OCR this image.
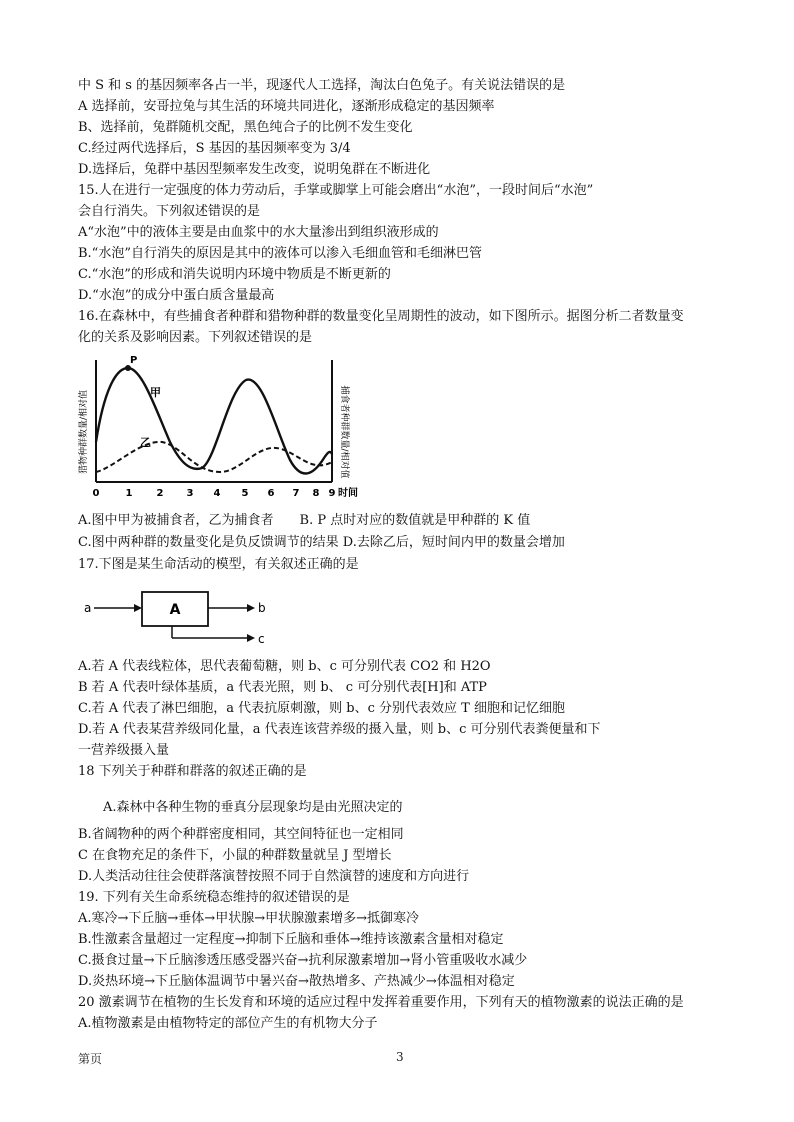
中 S 和 s 的基因频率各占一半，现逐代人工选择，淘汰白色兔子。有关说法错误的是
A 选择前，安哥拉兔与其生活的环境共同进化，逐渐形成稳定的基因频率
B、选择前，兔群随机交配，黑色纯合子的比例不发生变化
C.经过两代选择后，S 基因的基因频率变为 3/4
D.选择后，兔群中基因型频率发生改变，说明兔群在不断进化
15.人在进行一定强度的体力劳动后，手掌或脚掌上可能会磨出“水泡”，一段时间后“水泡”
会自行消失。下列叙述错误的是
A“水泡”中的液体主要是由血浆中的水大量渗出到组织液形成的
B.“水泡”自行消失的原因是其中的液体可以渗入毛细血管和毛细淋巴管
C.“水泡”的形成和消失说明内环境中物质是不断更新的
D.“水泡”的成分中蛋白质含量最高
16.在森林中，有些捕食者种群和猎物种群的数量变化呈周期性的波动，如下图所示。据图分析二者数量变
化的关系及影响因素。下列叙述错误的是
猎物种群数量/相对值	捕食者种群数量/相对值
P
甲
乙
0	1 2 3 4 5 6 7 8 9 时间
A.图中甲为被捕食者，乙为捕食者　　B. P 点时对应的数值就是甲种群的 K 值
C.图中两种群的数量变化是负反馈调节的结果 D.去除乙后，短时间内甲的数量会增加
17.下图是某生命活动的模型，有关叙述正确的是
a	A	b
c
A.若 A 代表线粒体，思代表葡萄糖，则 b、c 可分别代表 CO2 和 H2O
B 若 A 代表叶绿体基质，a 代表光照，则 b、 c 可分别代表[H]和 ATP
C.若 A 代表了淋巴细胞，a 代表抗原刺激，则 b、c 分别代表效应 T 细胞和记忆细胞
D.若 A 代表某营养级同化量，a 代表连该营养级的摄入量，则 b、c 可分别代表粪便量和下
一营养级摄入量
18 下列关于种群和群落的叙述正确的是
A.森林中各种生物的垂真分层现象均是由光照决定的
B.省阔物种的两个种群密度相同，其空间特征也一定相同
C 在食物充足的条件下，小鼠的种群数量就呈 J 型增长
D.人类活动往往会使群落演替按照不同于自然演替的速度和方向进行
19. 下列有关生命系统稳态维持的叙述错误的是
A.寒冷→下丘脑→垂体→甲状腺→甲状腺激素增多→抵御寒冷
B.性激素含量超过一定程度→抑制下丘脑和垂体→维持该激素含量相对稳定
C.摄食过量→下丘脑渗透压感受器兴奋→抗利尿激素增加→肾小管重吸收水减少
D.炎热环境→下丘脑体温调节中暑兴奋→散热增多、产热减少→体温相对稳定
20 激素调节在植物的生长发育和环境的适应过程中发挥着重要作用，下列有天的植物激素的说法正确的是
A.植物激素是由植物特定的部位产生的有机物大分子
第页	3
